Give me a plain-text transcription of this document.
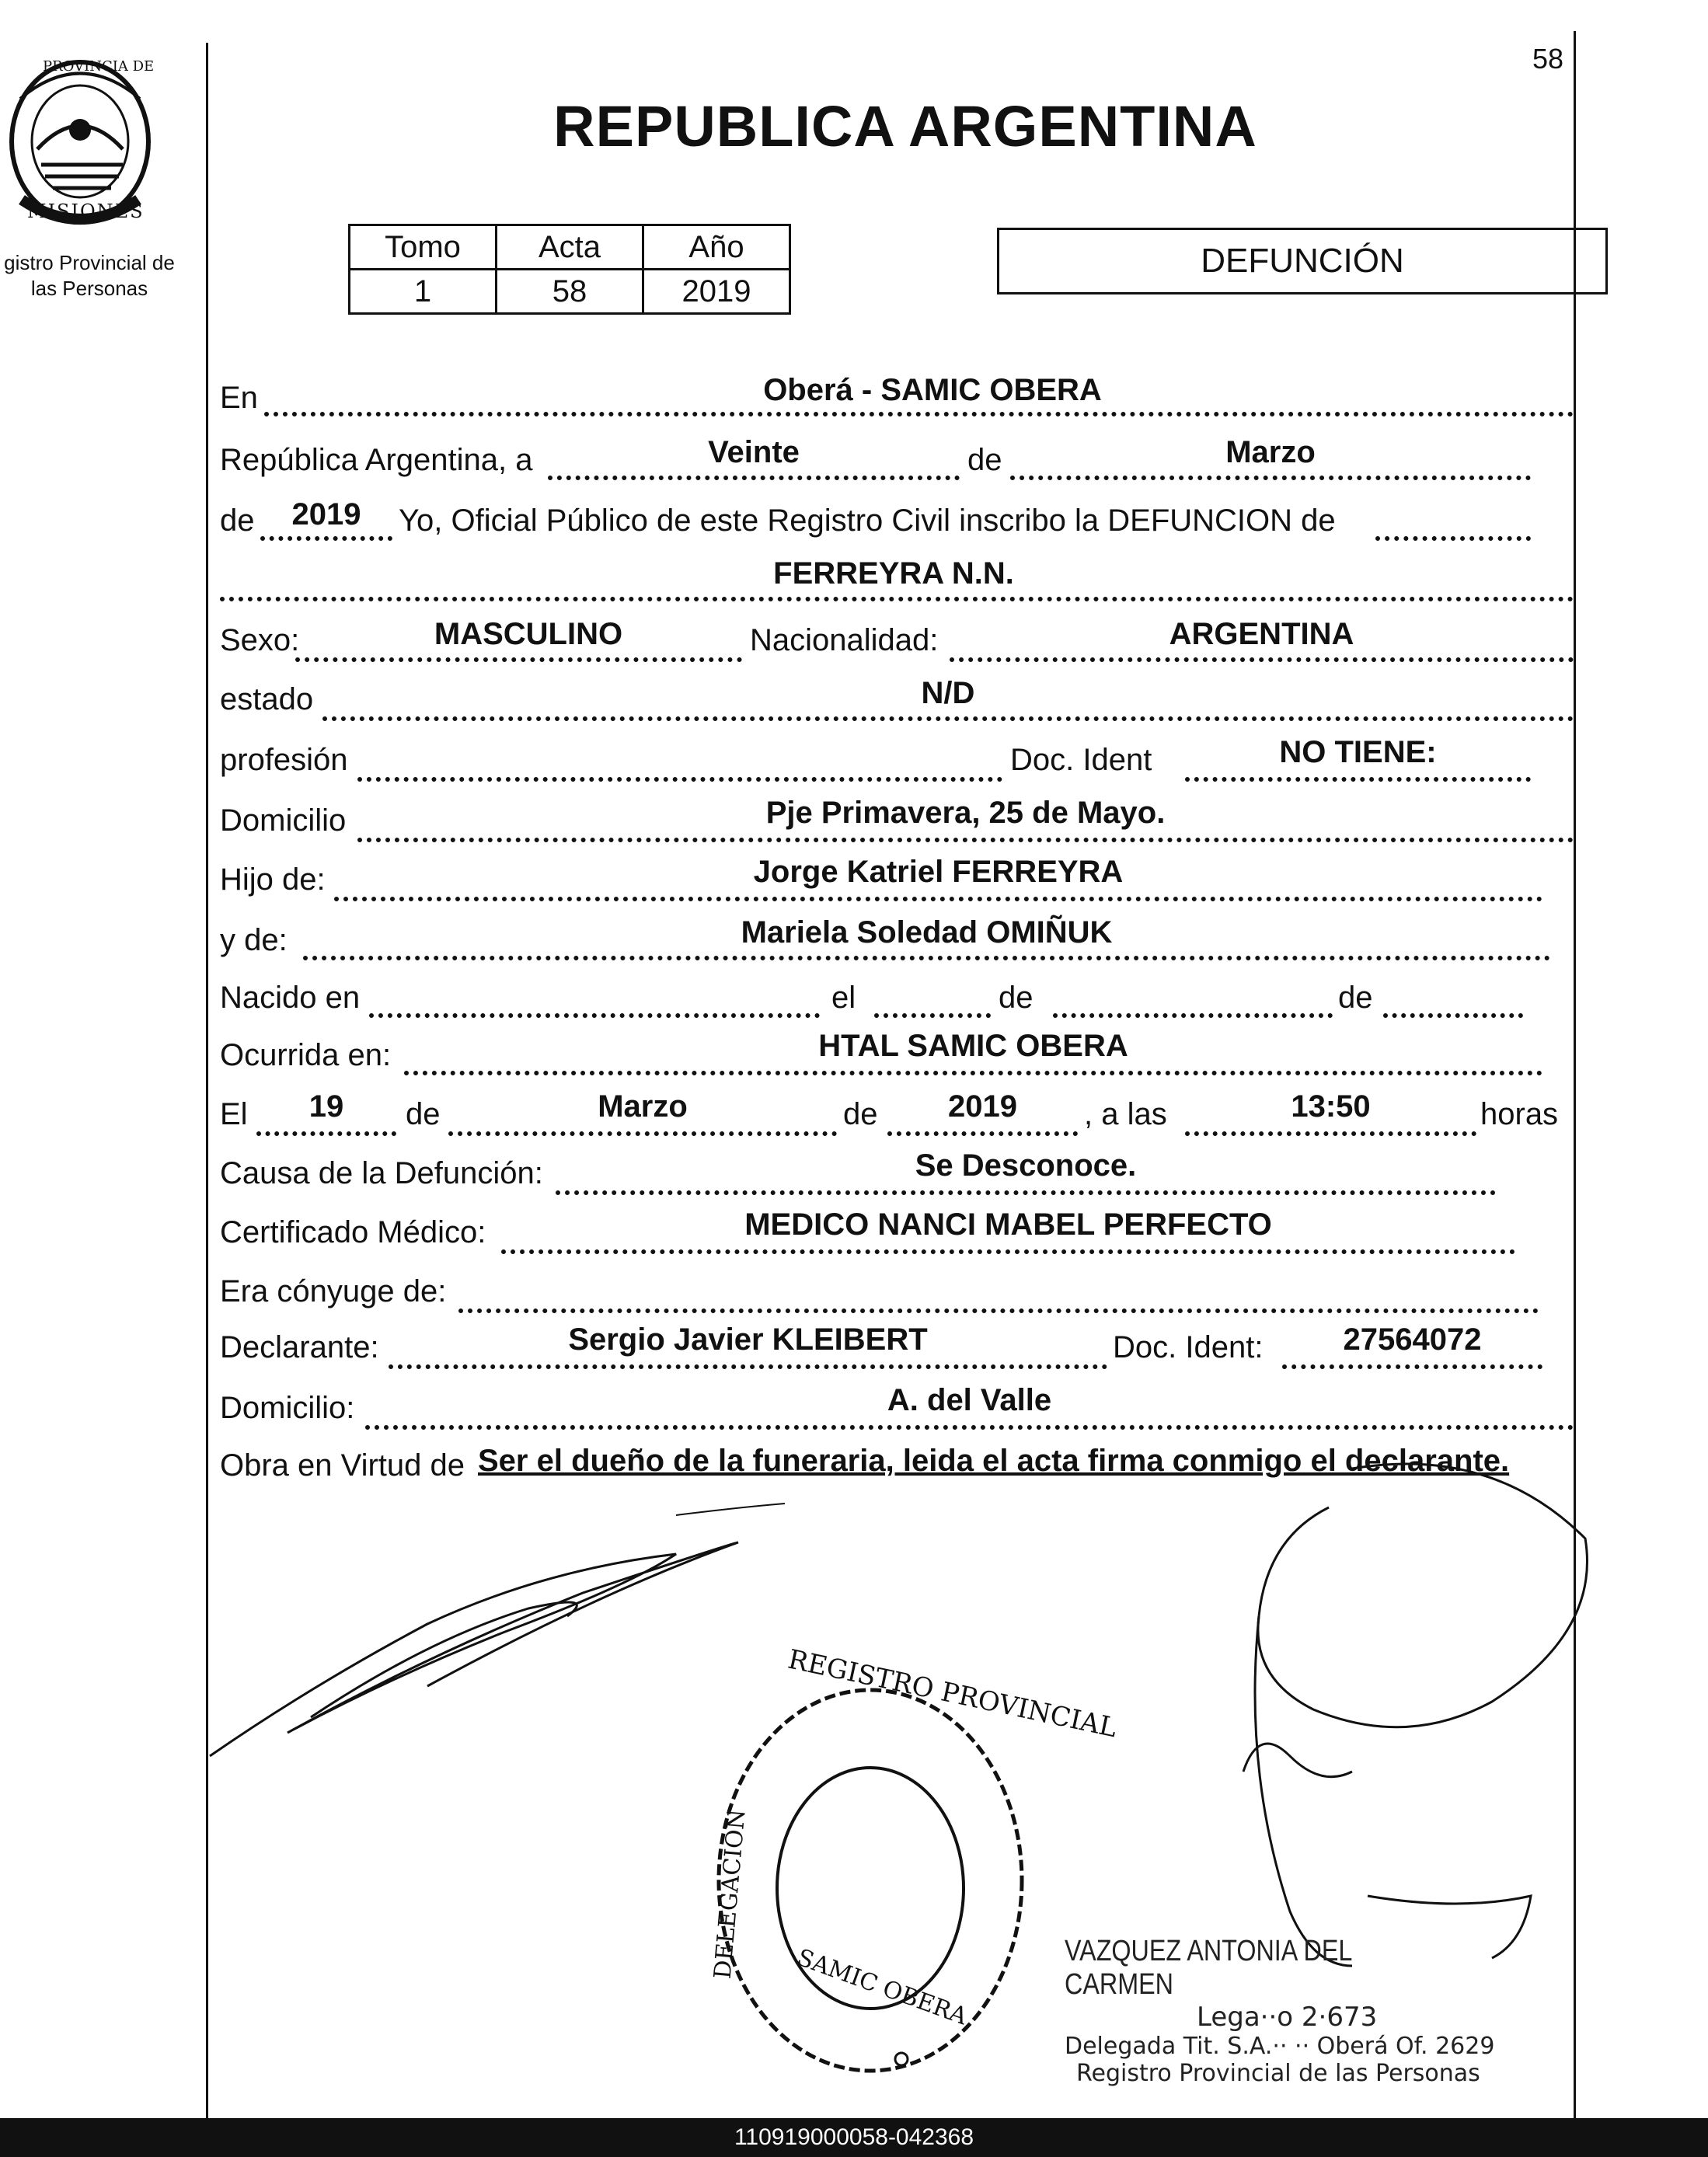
PROVINCIA DE
MISIONES
gistro Provincial de
las Personas
58
REPUBLICA ARGENTINA
Tomo	Acta	Año
1	58	2019
DEFUNCIÓN
En	Oberá - SAMIC OBERA
República Argentina, a	Veinte	de	Marzo
de	2019	Yo, Oficial Público de este Registro Civil inscribo la DEFUNCION de
FERREYRA N.N.
Sexo:	MASCULINO	Nacionalidad:	ARGENTINA
estado	N/D
profesión	Doc. Ident	NO TIENE:
Domicilio	Pje Primavera, 25 de Mayo.
Hijo de:	Jorge Katriel FERREYRA
y de:	Mariela Soledad OMIÑUK
Nacido en	el	de	de
Ocurrida en:	HTAL SAMIC OBERA
El	19	de	Marzo	de	2019	, a las	13:50	horas
Causa de la Defunción:	Se Desconoce.
Certificado Médico:	MEDICO NANCI MABEL PERFECTO
Era cónyuge de:
Declarante:	Sergio Javier KLEIBERT	Doc. Ident:	27564072
Domicilio:	A. del Valle
Obra en Virtud de Ser el dueño de la funeraria, leida el acta firma conmigo el declarante.
REGISTRO PROVINCIAL
DELEGACION
SAMIC OBERA	VAZQUEZ ANTONIA DEL CARMEN
Lega··o 2·673
Delegada Tit. S.A.·· ·· Oberá Of. 2629
Registro Provincial de las Personas
110919000058-042368
